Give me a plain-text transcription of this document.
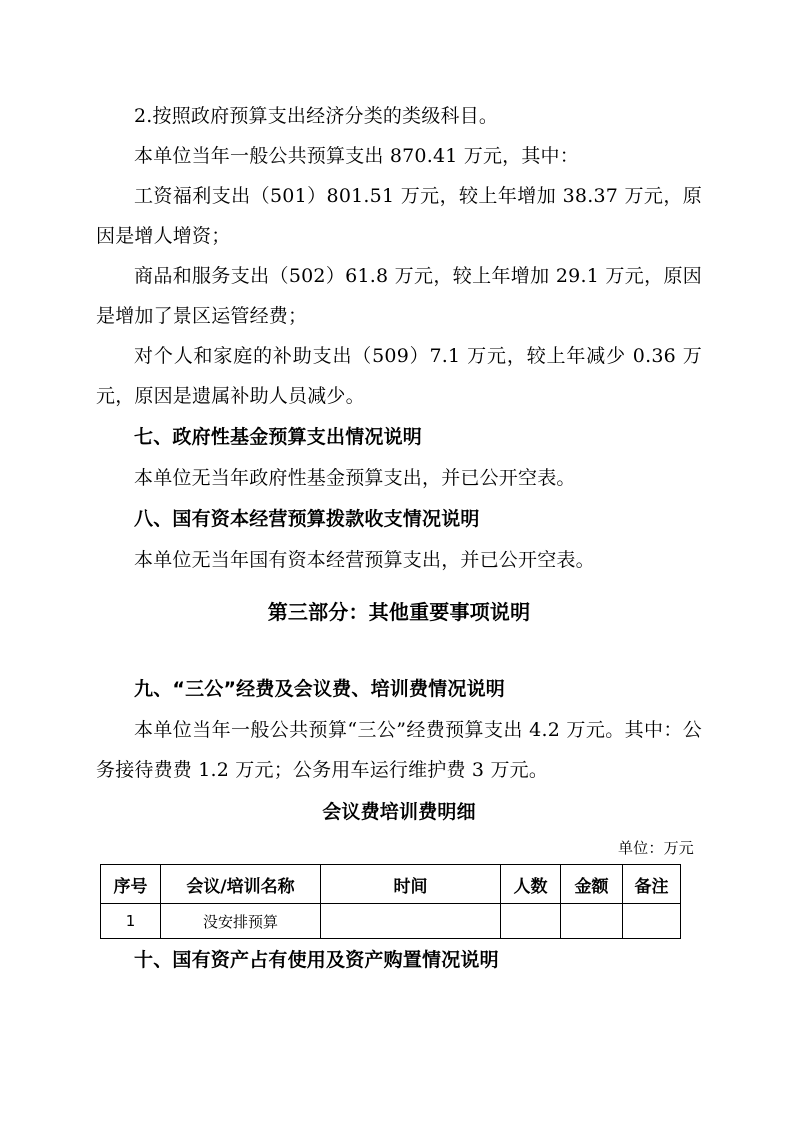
2.按照政府预算支出经济分类的类级科目。

本单位当年一般公共预算支出 870.41 万元，其中：

工资福利支出（501）801.51 万元，较上年增加 38.37 万元，原因是增人增资；

商品和服务支出（502）61.8 万元，较上年增加 29.1 万元，原因是增加了景区运管经费；

对个人和家庭的补助支出（509）7.1 万元，较上年减少 0.36 万元，原因是遗属补助人员减少。

七、政府性基金预算支出情况说明

本单位无当年政府性基金预算支出，并已公开空表。

八、国有资本经营预算拨款收支情况说明

本单位无当年国有资本经营预算支出，并已公开空表。

第三部分：其他重要事项说明

九、“三公”经费及会议费、培训费情况说明

本单位当年一般公共预算“三公”经费预算支出 4.2 万元。其中：公务接待费费 1.2 万元；公务用车运行维护费 3 万元。

会议费培训费明细

单位：万元

序号	会议/培训名称	时间	人数	金额	备注
1	没安排预算				

十、国有资产占有使用及资产购置情况说明
